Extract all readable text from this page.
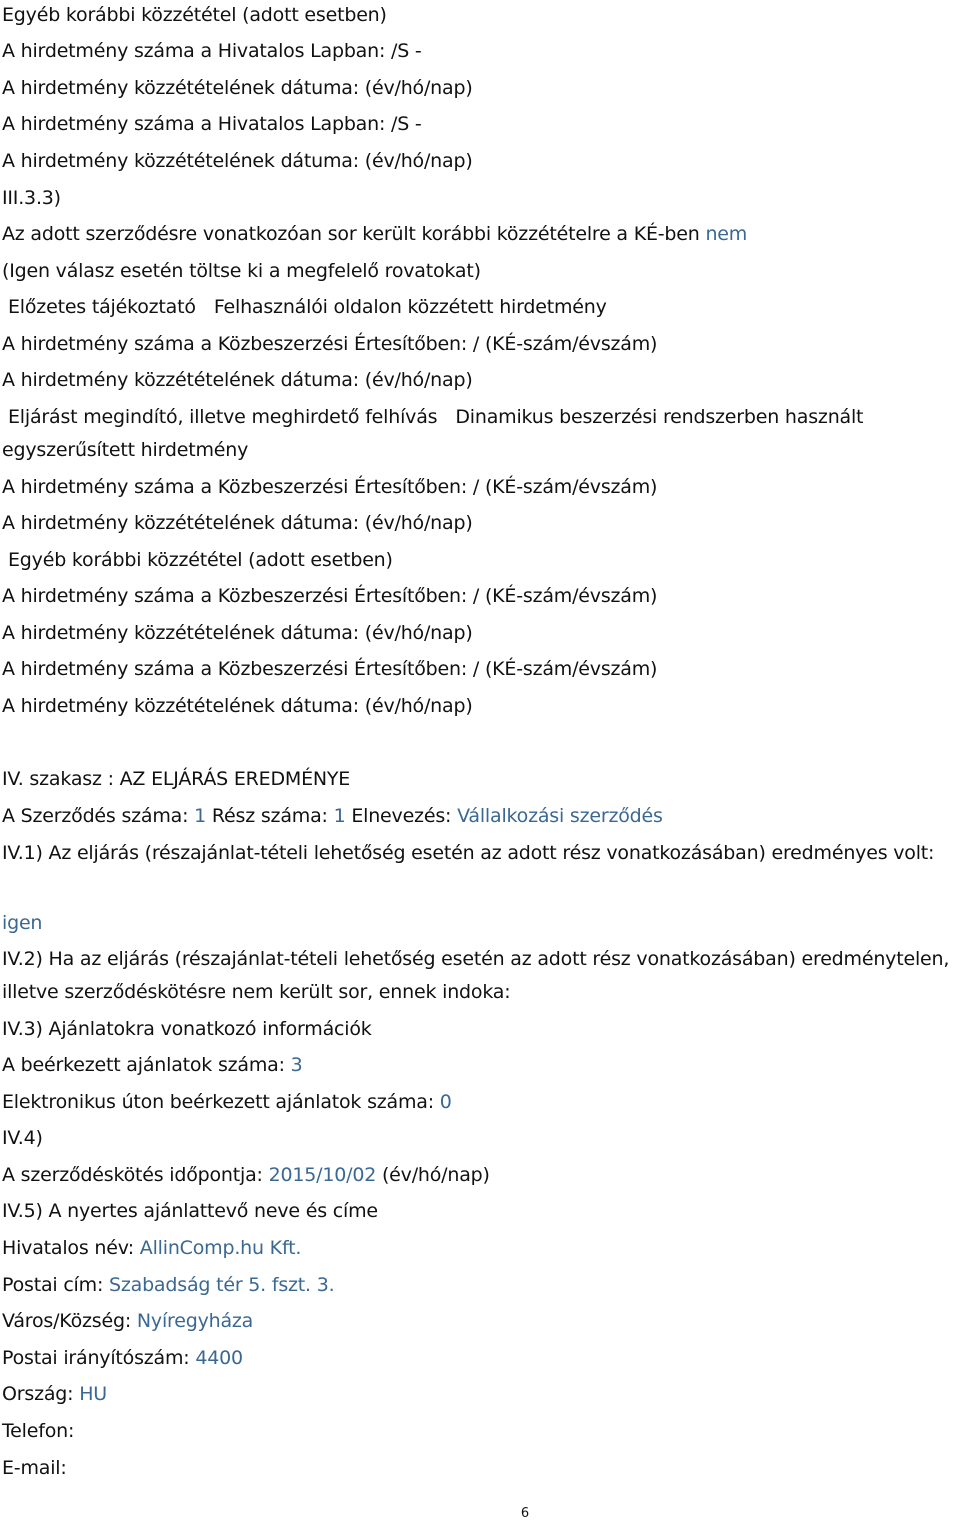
Egyéb korábbi közzététel (adott esetben)
A hirdetmény száma a Hivatalos Lapban: /S -
A hirdetmény közzétételének dátuma: (év/hó/nap)
A hirdetmény száma a Hivatalos Lapban: /S -
A hirdetmény közzétételének dátuma: (év/hó/nap)
III.3.3)
Az adott szerződésre vonatkozóan sor került korábbi közzétételre a KÉ-ben nem
(Igen válasz esetén töltse ki a megfelelő rovatokat)
Előzetes tájékoztató Felhasználói oldalon közzétett hirdetmény
A hirdetmény száma a Közbeszerzési Értesítőben: / (KÉ-szám/évszám)
A hirdetmény közzétételének dátuma: (év/hó/nap)
Eljárást megindító, illetve meghirdető felhívás Dinamikus beszerzési rendszerben használt
egyszerűsített hirdetmény
A hirdetmény száma a Közbeszerzési Értesítőben: / (KÉ-szám/évszám)
A hirdetmény közzétételének dátuma: (év/hó/nap)
Egyéb korábbi közzététel (adott esetben)
A hirdetmény száma a Közbeszerzési Értesítőben: / (KÉ-szám/évszám)
A hirdetmény közzétételének dátuma: (év/hó/nap)
A hirdetmény száma a Közbeszerzési Értesítőben: / (KÉ-szám/évszám)
A hirdetmény közzétételének dátuma: (év/hó/nap)
IV. szakasz : AZ ELJÁRÁS EREDMÉNYE
A Szerződés száma: 1 Rész száma: 1 Elnevezés: Vállalkozási szerződés
IV.1) Az eljárás (részajánlat-tételi lehetőség esetén az adott rész vonatkozásában) eredményes volt:
igen
IV.2) Ha az eljárás (részajánlat-tételi lehetőség esetén az adott rész vonatkozásában) eredménytelen, illetve szerződéskötésre nem került sor, ennek indoka:
IV.3) Ajánlatokra vonatkozó információk
A beérkezett ajánlatok száma: 3
Elektronikus úton beérkezett ajánlatok száma: 0
IV.4)
A szerződéskötés időpontja: 2015/10/02 (év/hó/nap)
IV.5) A nyertes ajánlattevő neve és címe
Hivatalos név: AllinComp.hu Kft.
Postai cím: Szabadság tér 5. fszt. 3.
Város/Község: Nyíregyháza
Postai irányítószám: 4400
Ország: HU
Telefon:
E-mail:
6
